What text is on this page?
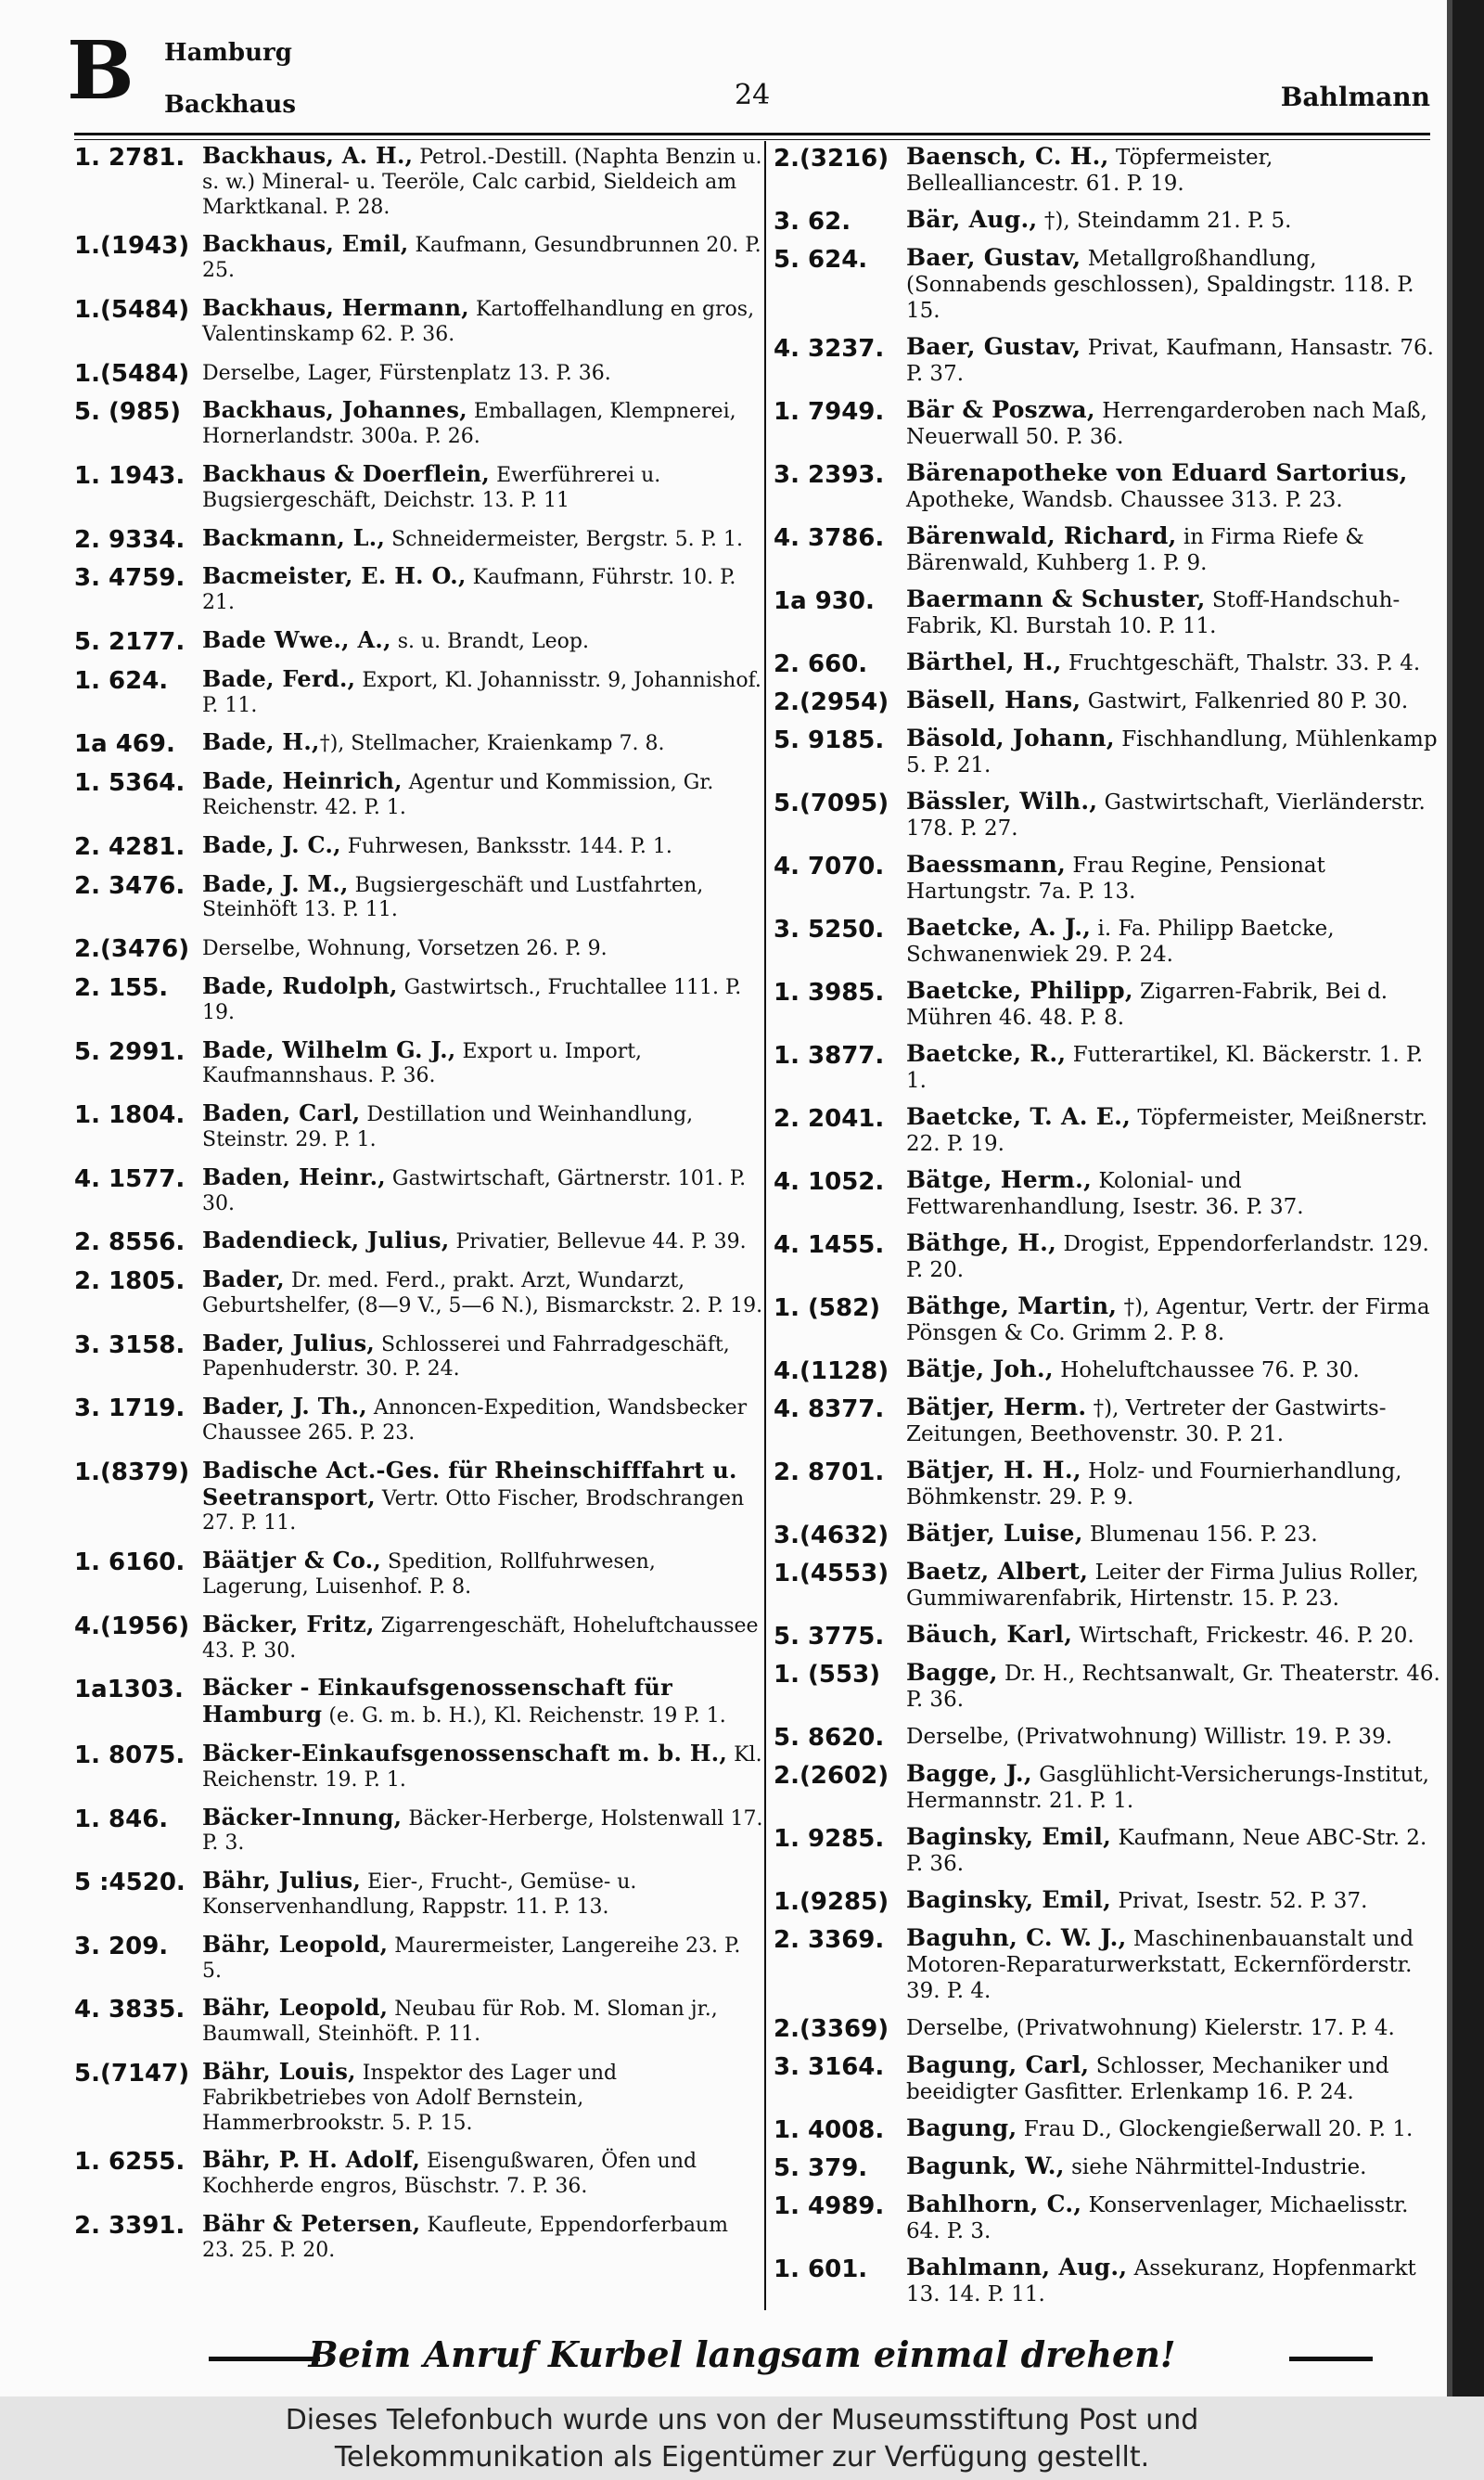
B Hamburg
Backhaus	24	Bahlmann
1. 2781. Backhaus, A. H., Petrol.-Destill. (Naphta Benzin u. s. w.) Mineral- u. Teeröle, Calc carbid, Sieldeich am Marktkanal. P. 28.
1.(1943) Backhaus, Emil, Kaufmann, Gesundbrunnen 20. P. 25.
1.(5484) Backhaus, Hermann, Kartoffelhandlung en gros, Valentinskamp 62. P. 36.
1.(5484) Derselbe, Lager, Fürstenplatz 13. P. 36.
5. (985) Backhaus, Johannes, Emballagen, Klempnerei, Hornerlandstr. 300a. P. 26.
1. 1943. Backhaus & Doerflein, Ewerführerei u. Bugsiergeschäft, Deichstr. 13. P. 11
2. 9334. Backmann, L., Schneidermeister, Bergstr. 5. P. 1.
3. 4759. Bacmeister, E. H. O., Kaufmann, Führstr. 10. P. 21.
5. 2177. Bade Wwe., A., s. u. Brandt, Leop.
1. 624.	Bade, Ferd., Export, Kl. Johannisstr. 9, Johannishof. P. 11.
1a 469.	Bade, H.,†), Stellmacher, Kraienkamp 7. 8.
1. 5364. Bade, Heinrich, Agentur und Kommission, Gr. Reichenstr. 42. P. 1.
2. 4281. Bade, J. C., Fuhrwesen, Banksstr. 144. P. 1.
2. 3476. Bade, J. M., Bugsiergeschäft und Lustfahrten, Steinhöft 13. P. 11.
2.(3476) Derselbe, Wohnung, Vorsetzen 26. P. 9.
2. 155.	Bade, Rudolph, Gastwirtsch., Fruchtallee 111. P. 19.
5. 2991. Bade, Wilhelm G. J., Export u. Import, Kaufmannshaus. P. 36.
1. 1804. Baden, Carl, Destillation und Weinhandlung, Steinstr. 29. P. 1.
4. 1577. Baden, Heinr., Gastwirtschaft, Gärtnerstr. 101. P. 30.
2. 8556. Badendieck, Julius, Privatier, Bellevue 44. P. 39.
2. 1805. Bader, Dr. med. Ferd., prakt. Arzt, Wundarzt, Geburtshelfer, (8—9 V., 5—6 N.), Bismarckstr. 2. P. 19.
3. 3158. Bader, Julius, Schlosserei und Fahrradgeschäft, Papenhuderstr. 30. P. 24.
3. 1719. Bader, J. Th., Annoncen-Expedition, Wandsbecker Chaussee 265. P. 23.
1.(8379) Badische Act.-Ges. für Rheinschifffahrt u. Seetransport, Vertr. Otto Fischer, Brodschrangen 27. P. 11.
1. 6160. Bäätjer & Co., Spedition, Rollfuhrwesen, Lagerung, Luisenhof. P. 8.
4.(1956) Bäcker, Fritz, Zigarrengeschäft, Hoheluftchaussee 43. P. 30.
1a1303. Bäcker - Einkaufsgenossenschaft für Hamburg (e. G. m. b. H.), Kl. Reichenstr. 19 P. 1.
1. 8075. Bäcker-Einkaufsgenossenschaft m. b. H., Kl. Reichenstr. 19. P. 1.
1. 846.	Bäcker-Innung, Bäcker-Herberge, Holstenwall 17. P. 3.
5 :4520. Bähr, Julius, Eier-, Frucht-, Gemüse- u. Konservenhandlung, Rappstr. 11. P. 13.
3. 209.	Bähr, Leopold, Maurermeister, Langereihe 23. P. 5.
4. 3835. Bähr, Leopold, Neubau für Rob. M. Sloman jr., Baumwall, Steinhöft. P. 11.
5.(7147) Bähr, Louis, Inspektor des Lager und Fabrikbetriebes von Adolf Bernstein, Hammerbrookstr. 5. P. 15.
1. 6255. Bähr, P. H. Adolf, Eisengußwaren, Öfen und Kochherde engros, Büschstr. 7. P. 36.
2. 3391. Bähr & Petersen, Kaufleute, Eppendorferbaum 23. 25. P. 20.
2.(3216) Baensch, C. H., Töpfermeister, Bellealliancestr. 61. P. 19.
3. 62.	Bär, Aug., †), Steindamm 21. P. 5.
5. 624.	Baer, Gustav, Metallgroßhandlung, (Sonnabends geschlossen), Spaldingstr. 118. P. 15.
4. 3237. Baer, Gustav, Privat, Kaufmann, Hansastr. 76. P. 37.
1. 7949. Bär & Poszwa, Herrengarderoben nach Maß, Neuerwall 50. P. 36.
3. 2393. Bärenapotheke von Eduard Sartorius, Apotheke, Wandsb. Chaussee 313. P. 23.
4. 3786. Bärenwald, Richard, in Firma Riefe & Bärenwald, Kuhberg 1. P. 9.
1a 930.	Baermann & Schuster, Stoff-Handschuh-Fabrik, Kl. Burstah 10. P. 11.
2. 660.	Bärthel, H., Fruchtgeschäft, Thalstr. 33. P. 4.
2.(2954) Bäsell, Hans, Gastwirt, Falkenried 80 P. 30.
5. 9185. Bäsold, Johann, Fischhandlung, Mühlenkamp 5. P. 21.
5.(7095) Bässler, Wilh., Gastwirtschaft, Vierländerstr. 178. P. 27.
4. 7070. Baessmann, Frau Regine, Pensionat Hartungstr. 7a. P. 13.
3. 5250. Baetcke, A. J., i. Fa. Philipp Baetcke, Schwanenwiek 29. P. 24.
1. 3985. Baetcke, Philipp, Zigarren-Fabrik, Bei d. Mühren 46. 48. P. 8.
1. 3877. Baetcke, R., Futterartikel, Kl. Bäckerstr. 1. P. 1.
2. 2041. Baetcke, T. A. E., Töpfermeister, Meißnerstr. 22. P. 19.
4. 1052. Bätge, Herm., Kolonial- und Fettwarenhandlung, Isestr. 36. P. 37.
4. 1455. Bäthge, H., Drogist, Eppendorferlandstr. 129. P. 20.
1. (582)	Bäthge, Martin, †), Agentur, Vertr. der Firma Pönsgen & Co. Grimm 2. P. 8.
4.(1128) Bätje, Joh., Hoheluftchaussee 76. P. 30.
4. 8377. Bätjer, Herm. †), Vertreter der Gastwirts-Zeitungen, Beethovenstr. 30. P. 21.
2. 8701. Bätjer, H. H., Holz- und Fournierhandlung, Böhmkenstr. 29. P. 9.
3.(4632) Bätjer, Luise, Blumenau 156. P. 23.
1.(4553) Baetz, Albert, Leiter der Firma Julius Roller, Gummiwarenfabrik, Hirtenstr. 15. P. 23.
5. 3775. Bäuch, Karl, Wirtschaft, Frickestr. 46. P. 20.
1. (553)	Bagge, Dr. H., Rechtsanwalt, Gr. Theaterstr. 46. P. 36.
5. 8620.	Derselbe, (Privatwohnung) Willistr. 19. P. 39.
2.(2602) Bagge, J., Gasglühlicht-Versicherungs-Institut, Hermannstr. 21. P. 1.
1. 9285. Baginsky, Emil, Kaufmann, Neue ABC-Str. 2. P. 36.
1.(9285) Baginsky, Emil, Privat, Isestr. 52. P. 37.
2. 3369. Baguhn, C. W. J., Maschinenbauanstalt und Motoren-Reparaturwerkstatt, Eckernförderstr. 39. P. 4.
2.(3369) Derselbe, (Privatwohnung) Kielerstr. 17. P. 4.
3. 3164. Bagung, Carl, Schlosser, Mechaniker und beeidigter Gasfitter. Erlenkamp 16. P. 24.
1. 4008. Bagung, Frau D., Glockengießerwall 20. P. 1.
5. 379.	Bagunk, W., siehe Nährmittel-Industrie.
1. 4989. Bahlhorn, C., Konservenlager, Michaelisstr. 64. P. 3.
1. 601.	Bahlmann, Aug., Assekuranz, Hopfenmarkt 13. 14. P. 11.
Beim Anruf Kurbel langsam einmal drehen!
Dieses Telefonbuch wurde uns von der Museumsstiftung Post und
Telekommunikation als Eigentümer zur Verfügung gestellt.
